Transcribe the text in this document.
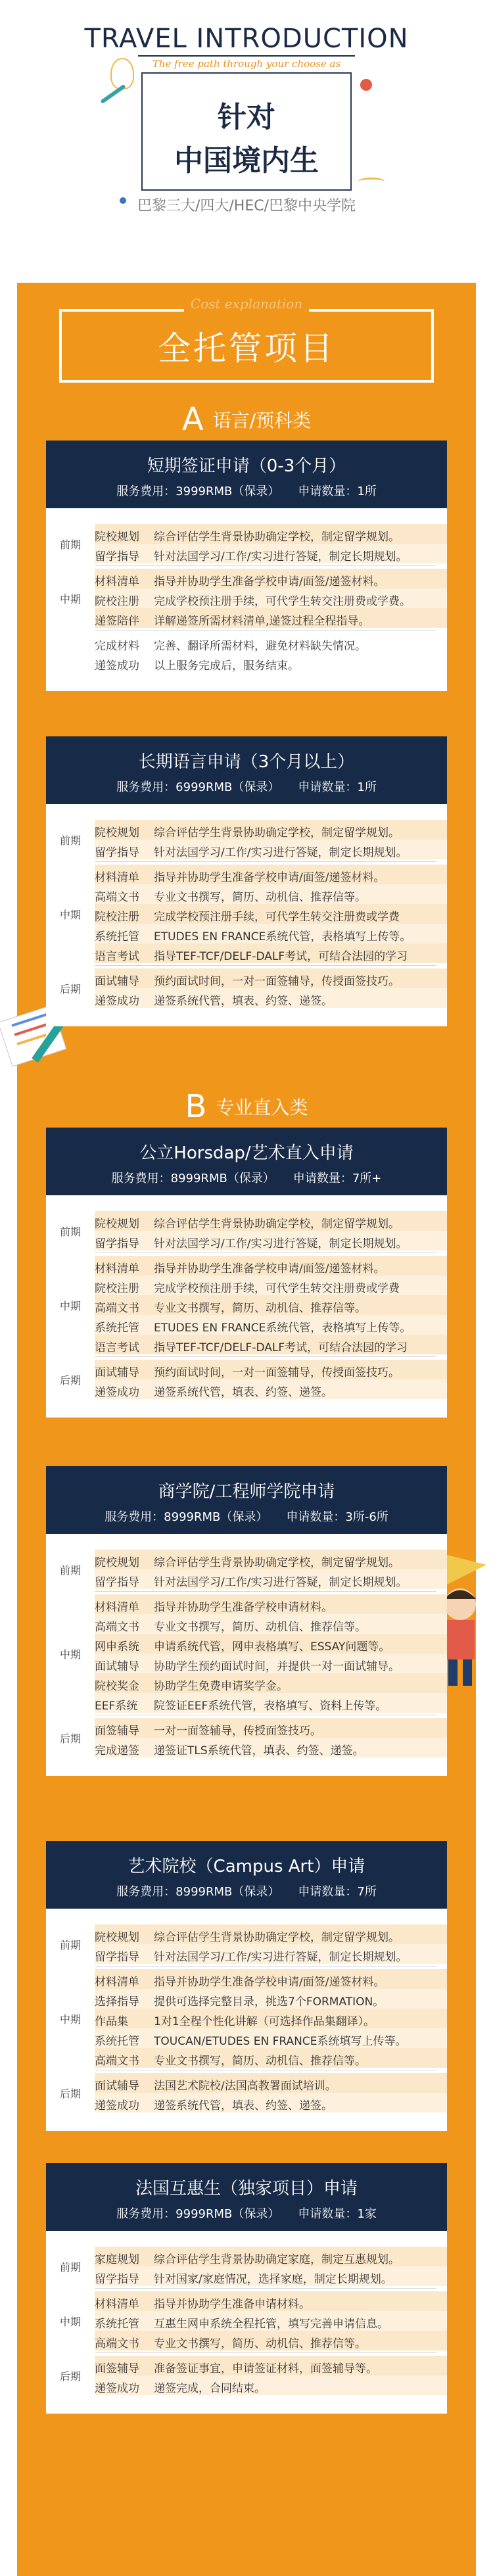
TRAVEL INTRODUCTION
The free path through your choose as
针对
中国境内生
巴黎三大/四大/HEC/巴黎中央学院
Cost explanation
全托管项目
A语言/预科类
B专业直入类
短期签证申请（0-3个月）
服务费用：3999RMB（保录） 申请数量：1所
院校规划	综合评估学生背景协助确定学校，制定留学规划。
留学指导	针对法国学习/工作/实习进行答疑，制定长期规划。
前期
材料清单	指导并协助学生准备学校申请/面签/递签材料。
院校注册	完成学校预注册手续，可代学生转交注册费或学费。
递签陪伴	详解递签所需材料清单,递签过程全程指导。
中期
完成材料	完善、翻译所需材料，避免材料缺失情况。
递签成功	以上服务完成后，服务结束。
长期语言申请（3个月以上）
服务费用：6999RMB（保录） 申请数量：1所
院校规划	综合评估学生背景协助确定学校，制定留学规划。
留学指导	针对法国学习/工作/实习进行答疑，制定长期规划。
前期
材料清单	指导并协助学生准备学校申请/面签/递签材料。
高端文书	专业文书撰写，简历、动机信、推荐信等。
院校注册	完成学校预注册手续，可代学生转交注册费或学费
系统托管	ETUDES EN FRANCE系统代管，表格填写上传等。
语言考试	指导TEF-TCF/DELF-DALF考试，可结合法园的学习
中期
面试辅导	预约面试时间，一对一面签辅导，传授面签技巧。
递签成功	递签系统代管，填表、约签、递签。
后期
公立Horsdap/艺术直入申请
服务费用：8999RMB（保录） 申请数量：7所+
院校规划	综合评估学生背景协助确定学校，制定留学规划。
留学指导	针对法国学习/工作/实习进行答疑，制定长期规划。
前期
材料清单	指导并协助学生准备学校申请/面签/递签材料。
院校注册	完成学校预注册手续，可代学生转交注册费或学费
高端文书	专业文书撰写，简历、动机信、推荐信等。
系统托管	ETUDES EN FRANCE系统代管，表格填写上传等。
语言考试	指导TEF-TCF/DELF-DALF考试，可结合法园的学习
中期
面试辅导	预约面试时间，一对一面签辅导，传授面签技巧。
递签成功	递签系统代管，填表、约签、递签。
后期
商学院/工程师学院申请
服务费用：8999RMB（保录） 申请数量：3所-6所
院校规划	综合评估学生背景协助确定学校，制定留学规划。
留学指导	针对法国学习/工作/实习进行答疑，制定长期规划。
前期
材料清单	指导并协助学生准备学校申请材料。
高端文书	专业文书撰写，简历、动机信、推荐信等。
网申系统	申请系统代管，网申表格填写、ESSAY问题等。
面试辅导	协助学生预约面试时间，并提供一对一面试辅导。
院校奖金	协助学生免费申请奖学金。
EEF系统	院签证EEF系统代管，表格填写、资料上传等。
中期
面签辅导	一对一面签辅导，传授面签技巧。
完成递签	递签证TLS系统代管，填表、约签、递签。
后期
艺术院校（Campus Art）申请
服务费用：8999RMB（保录） 申请数量：7所
院校规划	综合评估学生背景协助确定学校，制定留学规划。
留学指导	针对法国学习/工作/实习进行答疑，制定长期规划。
前期
材料清单	指导并协助学生准备学校申请/面签/递签材料。
选择指导	提供可选择完整目录，挑选7个FORMATION。
作品集	1对1全程个性化讲解（可选择作品集翻译）。
系统托管	TOUCAN/ETUDES EN FRANCE系统填写上传等。
高端文书	专业文书撰写，简历、动机信、推荐信等。
中期
面试辅导	法国艺术院校/法国高教署面试培训。
递签成功	递签系统代管，填表、约签、递签。
后期
法国互惠生（独家项目）申请
服务费用：9999RMB（保录） 申请数量：1家
家庭规划	综合评估学生背景协助确定家庭，制定互惠规划。
留学指导	针对国家/家庭情况，选择家庭，制定长期规划。
前期
材料清单	指导并协助学生准备申请材料。
系统托管	互惠生网申系统全程托管，填写完善申请信息。
高端文书	专业文书撰写，简历、动机信、推荐信等。
中期
面签辅导	准备签证事宜，申请签证材料，面签辅导等。
递签成功	递签完成，合同结束。
后期
